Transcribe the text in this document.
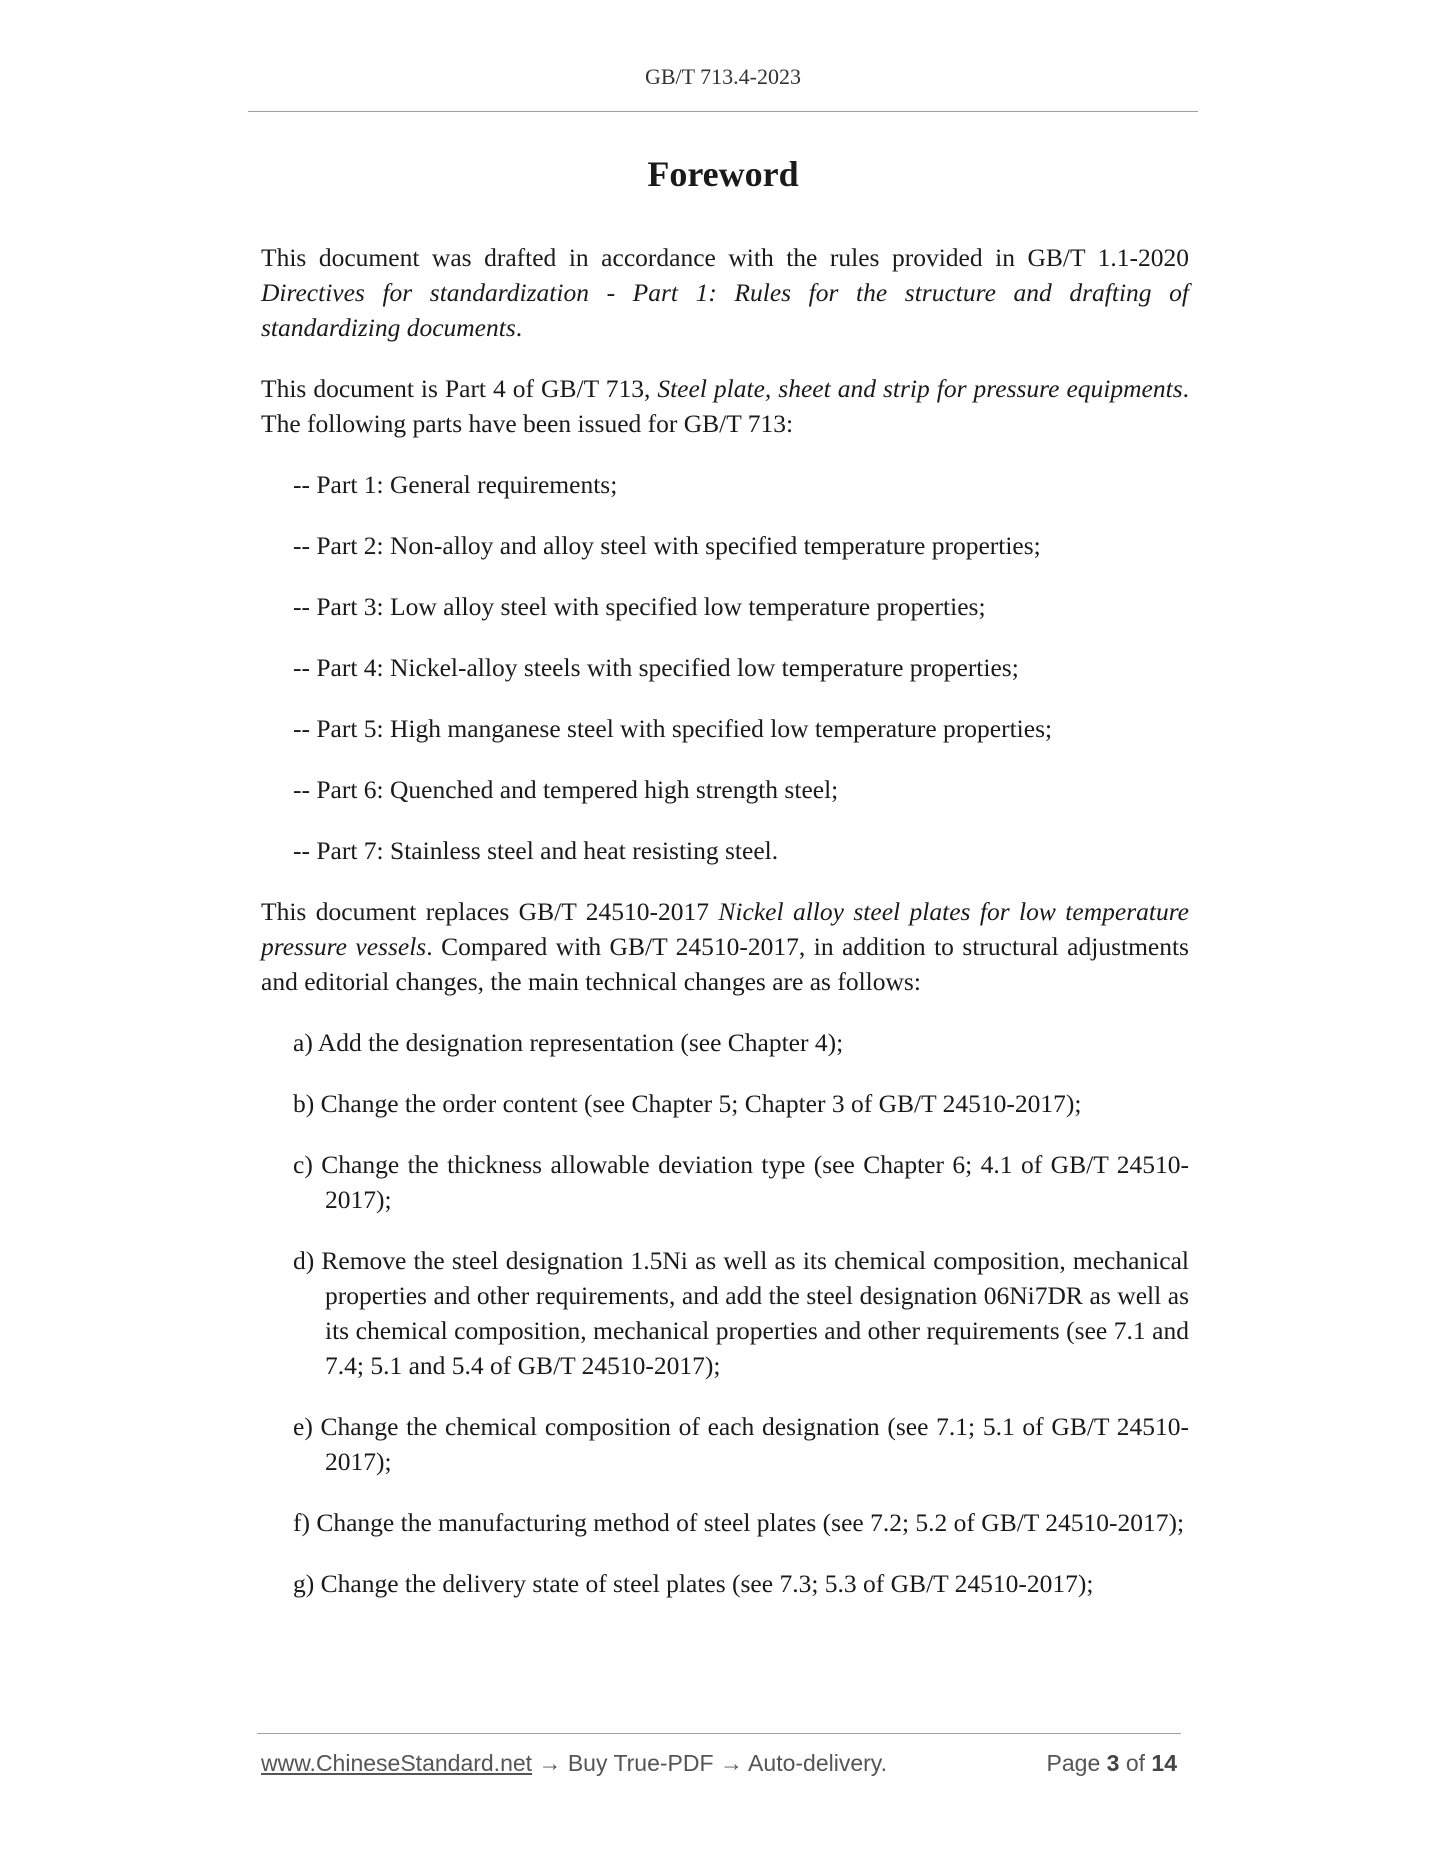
GB/T 713.4-2023
Foreword

This document was drafted in accordance with the rules provided in GB/T 1.1-2020 Directives for standardization - Part 1: Rules for the structure and drafting of standardizing documents.

This document is Part 4 of GB/T 713, Steel plate, sheet and strip for pressure equipments. The following parts have been issued for GB/T 713:

-- Part 1: General requirements;

-- Part 2: Non-alloy and alloy steel with specified temperature properties;

-- Part 3: Low alloy steel with specified low temperature properties;

-- Part 4: Nickel-alloy steels with specified low temperature properties;

-- Part 5: High manganese steel with specified low temperature properties;

-- Part 6: Quenched and tempered high strength steel;

-- Part 7: Stainless steel and heat resisting steel.

This document replaces GB/T 24510-2017 Nickel alloy steel plates for low temperature pressure vessels. Compared with GB/T 24510-2017, in addition to structural adjustments and editorial changes, the main technical changes are as follows:

a) Add the designation representation (see Chapter 4);

b) Change the order content (see Chapter 5; Chapter 3 of GB/T 24510-2017);

c) Change the thickness allowable deviation type (see Chapter 6; 4.1 of GB/T 24510-2017);

d) Remove the steel designation 1.5Ni as well as its chemical composition, mechanical properties and other requirements, and add the steel designation 06Ni7DR as well as its chemical composition, mechanical properties and other requirements (see 7.1 and 7.4; 5.1 and 5.4 of GB/T 24510-2017);

e) Change the chemical composition of each designation (see 7.1; 5.1 of GB/T 24510-2017);

f) Change the manufacturing method of steel plates (see 7.2; 5.2 of GB/T 24510-2017);

g) Change the delivery state of steel plates (see 7.3; 5.3 of GB/T 24510-2017);

www.ChineseStandard.net → Buy True-PDF → Auto-delivery.	Page 3 of 14
